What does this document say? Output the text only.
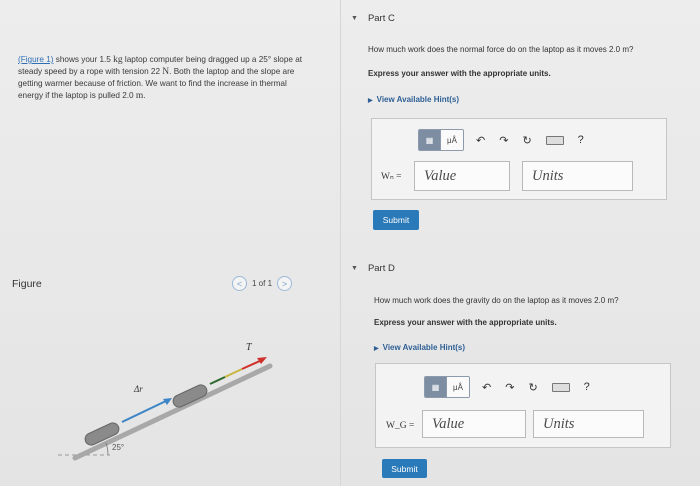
(Figure 1) shows your 1.5 kg laptop computer being dragged up a 25° slope at steady speed by a rope with tension 22 N. Both the laptop and the slope are getting warmer because of friction. We want to find the increase in thermal energy if the laptop is pulled 2.0 m.

Figure	<	1 of 1	>
25°
Δr
T
▼ Part C
How much work does the normal force do on the laptop as it moves 2.0 m?
Express your answer with the appropriate units.
▶ View Available Hint(s)
▦	μÅ	↶ ↷ ↻	?
Wₙ =	Value	Units
Submit
▼ Part D
How much work does the gravity do on the laptop as it moves 2.0 m?
Express your answer with the appropriate units.
▶ View Available Hint(s)
▦	μÅ	↶ ↷ ↻	?
W_G =	Value	Units
Submit
